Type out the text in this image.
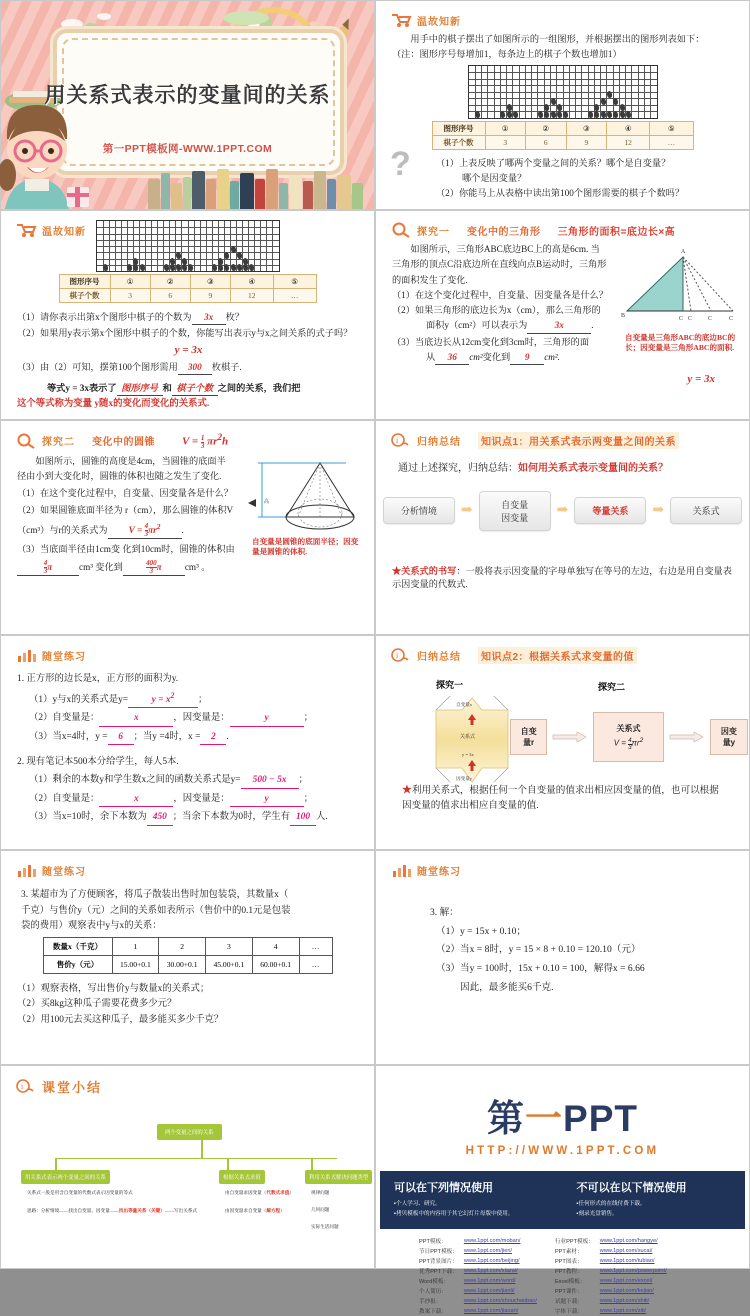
用关系式表示的变量间的关系
第一PPT模板网-WWW.1PPT.COM
温故知新

用手中的棋子摆出了如图所示的一组图形，并根据摆出的图形列表如下：

（注：图形序号每增加1，每条边上的棋子个数也增加1）

图形序号	①	②	③	④	⑤
棋子个数	3	6	9	12	…
?	（1）上表反映了哪两个变量之间的关系？哪个是自变量？

哪个是因变量？

（2）你能马上从表格中读出第100个图形需要的棋子个数吗？

温故知新
图形序号	①	②	③	④	⑤
棋子个数	3	6	9	12	…

（1）请你表示出第x个图形中棋子的个数为 3x 枚？

（2）如果用y表示第x个图形中棋子的个数，你能写出表示y与x之间关系的式子吗？

y = 3x

（3）由（2）可知，摆第100个图形需用 300 枚棋子.

等式y = 3x表示了 图形序号 和 棋子个数 之间的关系，我们把

这个等式称为变量 y随x的变化而变化的关系式.

探究一 变化中的三角形 三角形的面积=底边长×高

如图所示，三角形ABC底边BC上的高是6cm. 当

三角形的顶点C沿底边所在直线向点B运动时，三角形

的面积发生了变化.

（1）在这个变化过程中，自变量、因变量各是什么？

（2）如果三角形的底边长为x（cm），那么三角形的

面积y（cm²）可以表示为	3x	.

（3）当底边长从12cm变化到3cm时，三角形的面

从 36 cm²变化到 9 cm².

A
B	C C	C	C
自变量是三角形ABC的底边BC的长；因变量是三角形ABC的面积.
y = 3x
探究二 变化中的圆锥 $V = \frac{1}{3} \pi r^2h$

如图所示，圆锥的高度是4cm，当圆锥的底面半

径由小到大变化时，圆锥的体积也随之发生了变化.

（1）在这个变化过程中，自变量、因变量各是什么？

（2）如果圆锥底面半径为 r（cm），那么圆锥的体积V

（cm³）与r的关系式为 $V = \frac{4}{3} \pi r^2$ .

（3）当底面半径由1cm变 化到10cm时，圆锥的体积由

$\frac{4}{3}$ π	cm³ 变化到	$\frac{400}{3}$ π	cm³ 。

高
自变量是圆锥的底面半径；因变量是圆锥的体积.
i 归纳总结	知识点1：用关系式表示两变量之间的关系

通过上述探究，归纳总结：如何用关系式表示变量间的关系？

分析情境	➡	自变量
因变量	➡	等量关系	➡	关系式

★关系式的书写：一般将表示因变量的字母单独写在等号的左边，右边是用自变量表示因变量的代数式.

随堂练习

1. 正方形的边长是x，正方形的面积为y.

（1）y与x的关系式是y=	$y = x^2$	；

（2）自变量是：	x	，因变量是：	y	；

（3）当x=4时，y = 6 ；当y =4时，x = 2 .

2. 现有笔记本500本分给学生，每人5本.

（1）剩余的本数y和学生数x之间的函数关系式是y= 500 − 5x ；

（2）自变量是：	x	，因变量是：	y	；

（3）当x=10时，余下本数为 450 ；当余下本数为0时，学生有 100 人.

i 归纳总结	知识点2：根据关系式求变量的值
探究一	探究二
自变量x
关系式
y = 3x
因变量y
自变量r
关系式
$V = \frac{4}{3} \pi r^2$
因变量y
★利用关系式，根据任何一个自变量的值求出相应因变量的值，也可以根据因变量的值求出相应自变量的值.
随堂练习

3. 某超市为了方便顾客，将瓜子散装出售时加包装袋，其数量x（

千克）与售价y（元）之间的关系如表所示（售价中的0.1元是包装

袋的费用）观察表中y与x的关系：

数量x（千克）	1	2	3	4	…
售价y（元）	15.00+0.1	30.00+0.1	45.00+0.1	60.00+0.1	…

（1）观察表格，写出售价y与数量x的关系式；

（2）买8kg这种瓜子需要花费多少元？

（2）用100元去买这种瓜子，最多能买多少千克？

随堂练习

3. 解：

（1）y = 15x + 0.10；

（2）当x = 8时，y = 15 × 8 + 0.10 = 120.10（元）

（3）当y = 100时，15x + 0.10 = 100，解得x = 6.66

因此，最多能买6千克.

i 课堂小结
两个变量之间的关系
用关系式表示两个变量之间的关系	根据关系式求值	利用关系式解决问题类型
关系式一般是用含自变量的代数式表示因变量的等式
思路：分析情境——找出自变量、因变量——找出等量关系（关键）——写出关系式
由自变量求因变量（代数式求值）
由因变量求自变量（解方程）
规律问题
几何问题
实际生活问题
第一PPT
HTTP://WWW.1PPT.COM
可以在下列情况使用
▪ 个人学习、研究。
▪ 拷贝模板中的内容用于其它幻灯片母版中使用。
不可以在以下情况使用
▪ 任何形式的在线付费下载。
▪ 刻录光盘销售。
PPT模板：	www.1ppt.com/moban/
节日PPT模板：	www.1ppt.com/jieri/
PPT背景图片：	www.1ppt.com/beijing/
优秀PPT下载：	www.1ppt.com/xiazai/
Word模板：	www.1ppt.com/word/
个人简历：	www.1ppt.com/jianli/
手抄报：	www.1ppt.com/shouchaobao/
教案下载：	www.1ppt.com/jiaoan/
行业PPT模板：	www.1ppt.com/hangye/
PPT素材：	www.1ppt.com/sucai/
PPT图表：	www.1ppt.com/tubiao/
PPT教程：	www.1ppt.com/powerpoint/
Excel模板：	www.1ppt.com/excel/
PPT课件：	www.1ppt.com/kejian/
试题下载：	www.1ppt.com/shiti/
字体下载：	www.1ppt.com/ziti/
